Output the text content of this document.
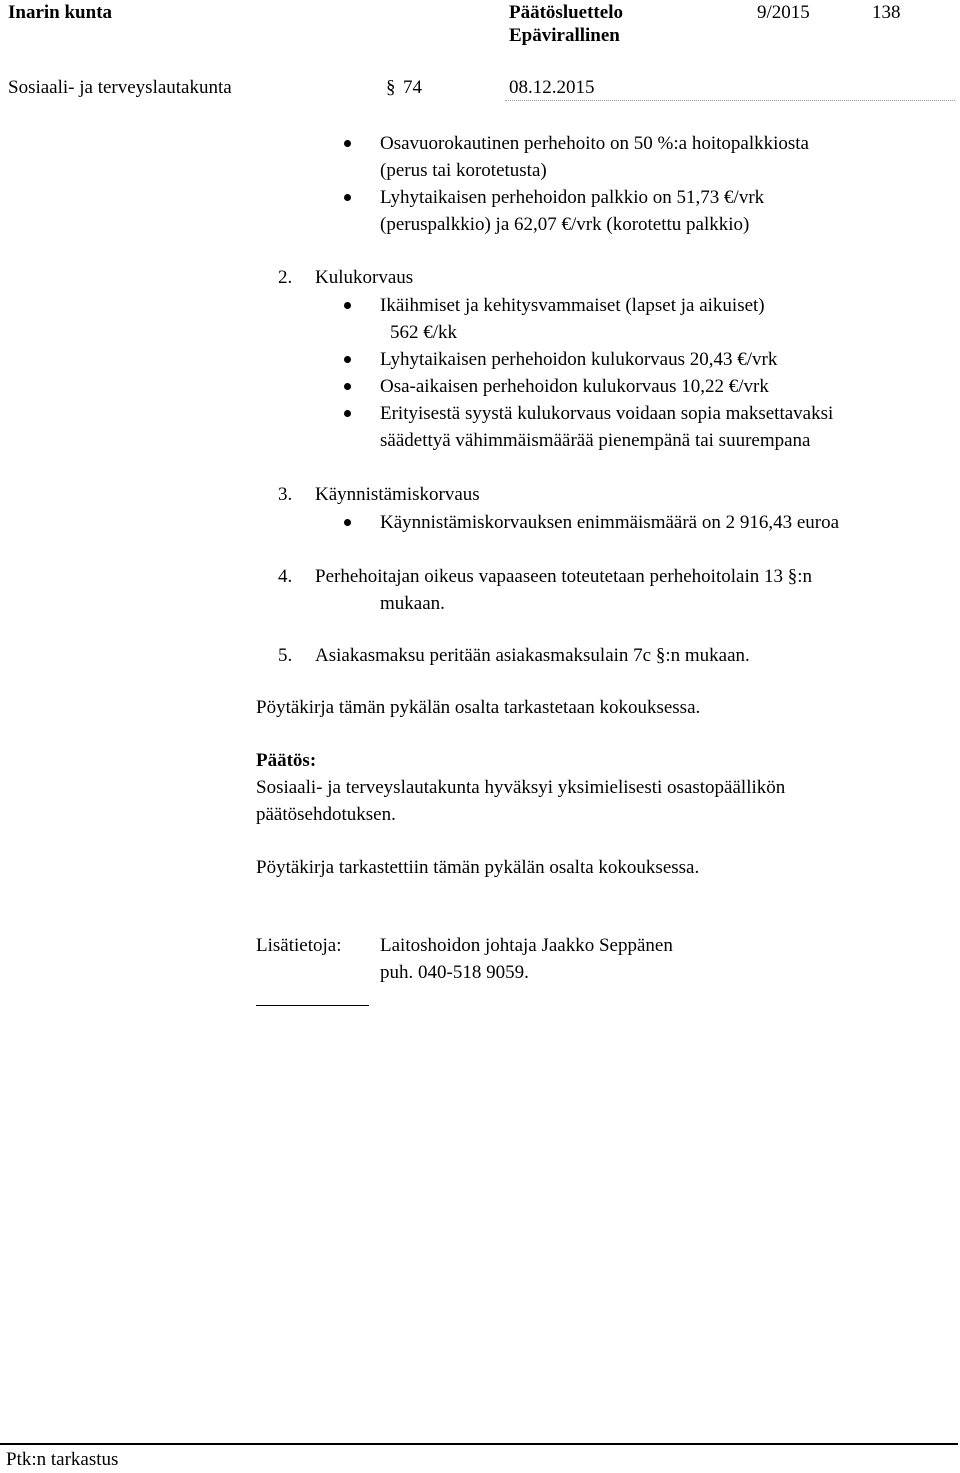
Inarin kunta	Päätösluettelo
Epävirallinen
9/2015	138
Sosiaali- ja terveyslautakunta	§ 74	08.12.2015
Osavuorokautinen perhehoito on 50 %:a hoitopalkkiosta
(perus tai korotetusta)
Lyhytaikaisen perhehoidon palkkio on 51,73 €/vrk
(peruspalkkio) ja 62,07 €/vrk (korotettu palkkio)
2. Kulukorvaus
Ikäihmiset ja kehitysvammaiset (lapset ja aikuiset)
562 €/kk
Lyhytaikaisen perhehoidon kulukorvaus 20,43 €/vrk
Osa-aikaisen perhehoidon kulukorvaus 10,22 €/vrk
Erityisestä syystä kulukorvaus voidaan sopia maksettavaksi
säädettyä vähimmäismäärää pienempänä tai suurempana
3. Käynnistämiskorvaus
Käynnistämiskorvauksen enimmäismäärä on 2 916,43 euroa
4. Perhehoitajan oikeus vapaaseen toteutetaan perhehoitolain 13 §:n
mukaan.
5. Asiakasmaksu peritään asiakasmaksulain 7c §:n mukaan.
Pöytäkirja tämän pykälän osalta tarkastetaan kokouksessa.
Päätös:
Sosiaali- ja terveyslautakunta hyväksyi yksimielisesti osastopäällikön
päätösehdotuksen.
Pöytäkirja tarkastettiin tämän pykälän osalta kokouksessa.
Lisätietoja: Laitoshoidon johtaja Jaakko Seppänen
puh. 040-518 9059.
Ptk:n tarkastus
